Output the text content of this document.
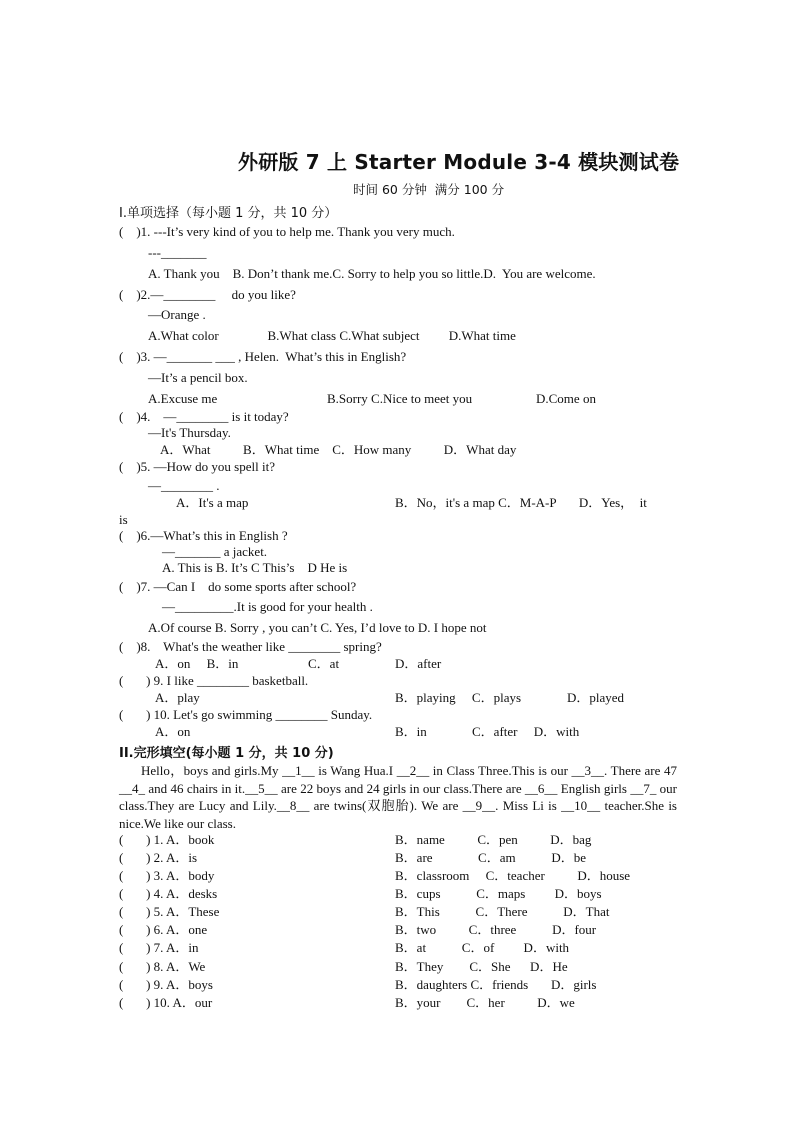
外研版 7 上 Starter Module 3-4 模块测试卷
时间 60 分钟  满分 100 分
I.单项选择（每小题 1 分，共 10 分）
(    )1. ---It’s very kind of you to help me. Thank you very much.
---_______
A. Thank you    B. Don’t thank me.C. Sorry to help you so little.D.  You are welcome.
(    )2.—________     do you like?
—Orange .
A.What color               B.What class C.What subject         D.What time
(    )3. —_______ ___ , Helen.  What’s this in English?
—It’s a pencil box.
A.Excuse me	B.Sorry C.Nice to meet you	D.Come on
(    )4.    —________ is it today?
—It's Thursday.
A．What          B．What time    C．How many          D．What day
(    )5. —How do you spell it?
—________ .
A．It's a map	B．No，it's a map C．M-A-P       D．Yes，  it
is
(    )6.—What’s this in English ?
—_______ a jacket.
A. This is B. It’s C This’s    D He is
(    )7. —Can I    do some sports after school?
—_________.It is good for your health .
A.Of course B. Sorry , you can’t C. Yes, I’d love to D. I hope not
(    )8.    What's the weather like ________ spring?
A．on     B．in	C．at	D．after
(       ) 9. I like ________ basketball.
A．play	B．playing     C．plays	D．played
(       ) 10. Let's go swimming ________ Sunday.
A．on	B．in	C．after     D．with
II.完形填空(每小题 1 分，共 10 分)
Hello，boys and girls.My __1__ is Wang Hua.I __2__ in Class Three.This is our __3__. There are 47 __4_ and 46 chairs in it.__5__ are 22 boys and 24 girls in our class.There are __6__ English girls __7_ our class.They are Lucy and Lily.__8__ are twins(双胞胎). We are __9__. Miss Li is __10__ teacher.She is nice.We like our class.
(       ) 1. A．book	B．name          C．pen          D．bag
(       ) 2. A．is	B．are              C．am           D．be
(       ) 3. A．body	B．classroom     C．teacher          D．house
(       ) 4. A．desks	B．cups           C．maps         D．boys
(       ) 5. A．These	B．This           C．There           D．That
(       ) 6. A．one	B．two          C．three           D．four
(       ) 7. A．in	B．at           C．of         D．with
(       ) 8. A．We	B．They        C．She      D．He
(       ) 9. A．boys	B．daughters C．friends       D．girls
(       ) 10. A．our	B．your        C．her          D．we
